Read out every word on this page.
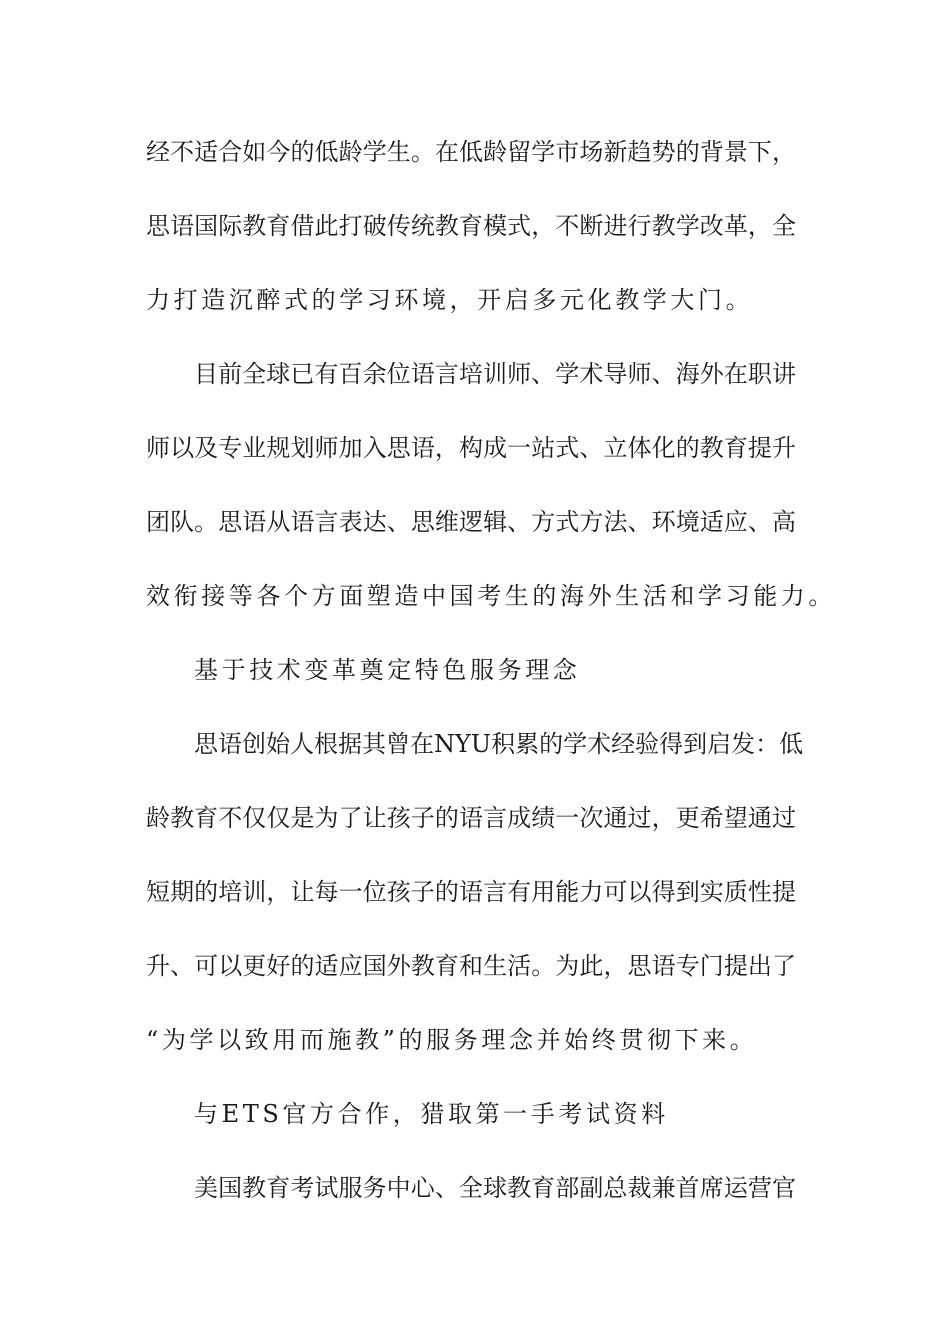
经不适合如今的低龄学生。在低龄留学市场新趋势的背景下，
思语国际教育借此打破传统教育模式，不断进行教学改革，全
力打造沉醉式的学习环境，开启多元化教学大门。
目前全球已有百余位语言培训师、学术导师、海外在职讲
师以及专业规划师加入思语，构成一站式、立体化的教育提升
团队。思语从语言表达、思维逻辑、方式方法、环境适应、高
效衔接等各个方面塑造中国考生的海外生活和学习能力。
基于技术变革奠定特色服务理念
思语创始人根据其曾在NYU积累的学术经验得到启发：低
龄教育不仅仅是为了让孩子的语言成绩一次通过，更希望通过
短期的培训，让每一位孩子的语言有用能力可以得到实质性提
升、可以更好的适应国外教育和生活。为此，思语专门提出了
“为学以致用而施教”的服务理念并始终贯彻下来。
与ETS官方合作，猎取第一手考试资料
美国教育考试服务中心、全球教育部副总裁兼首席运营官
